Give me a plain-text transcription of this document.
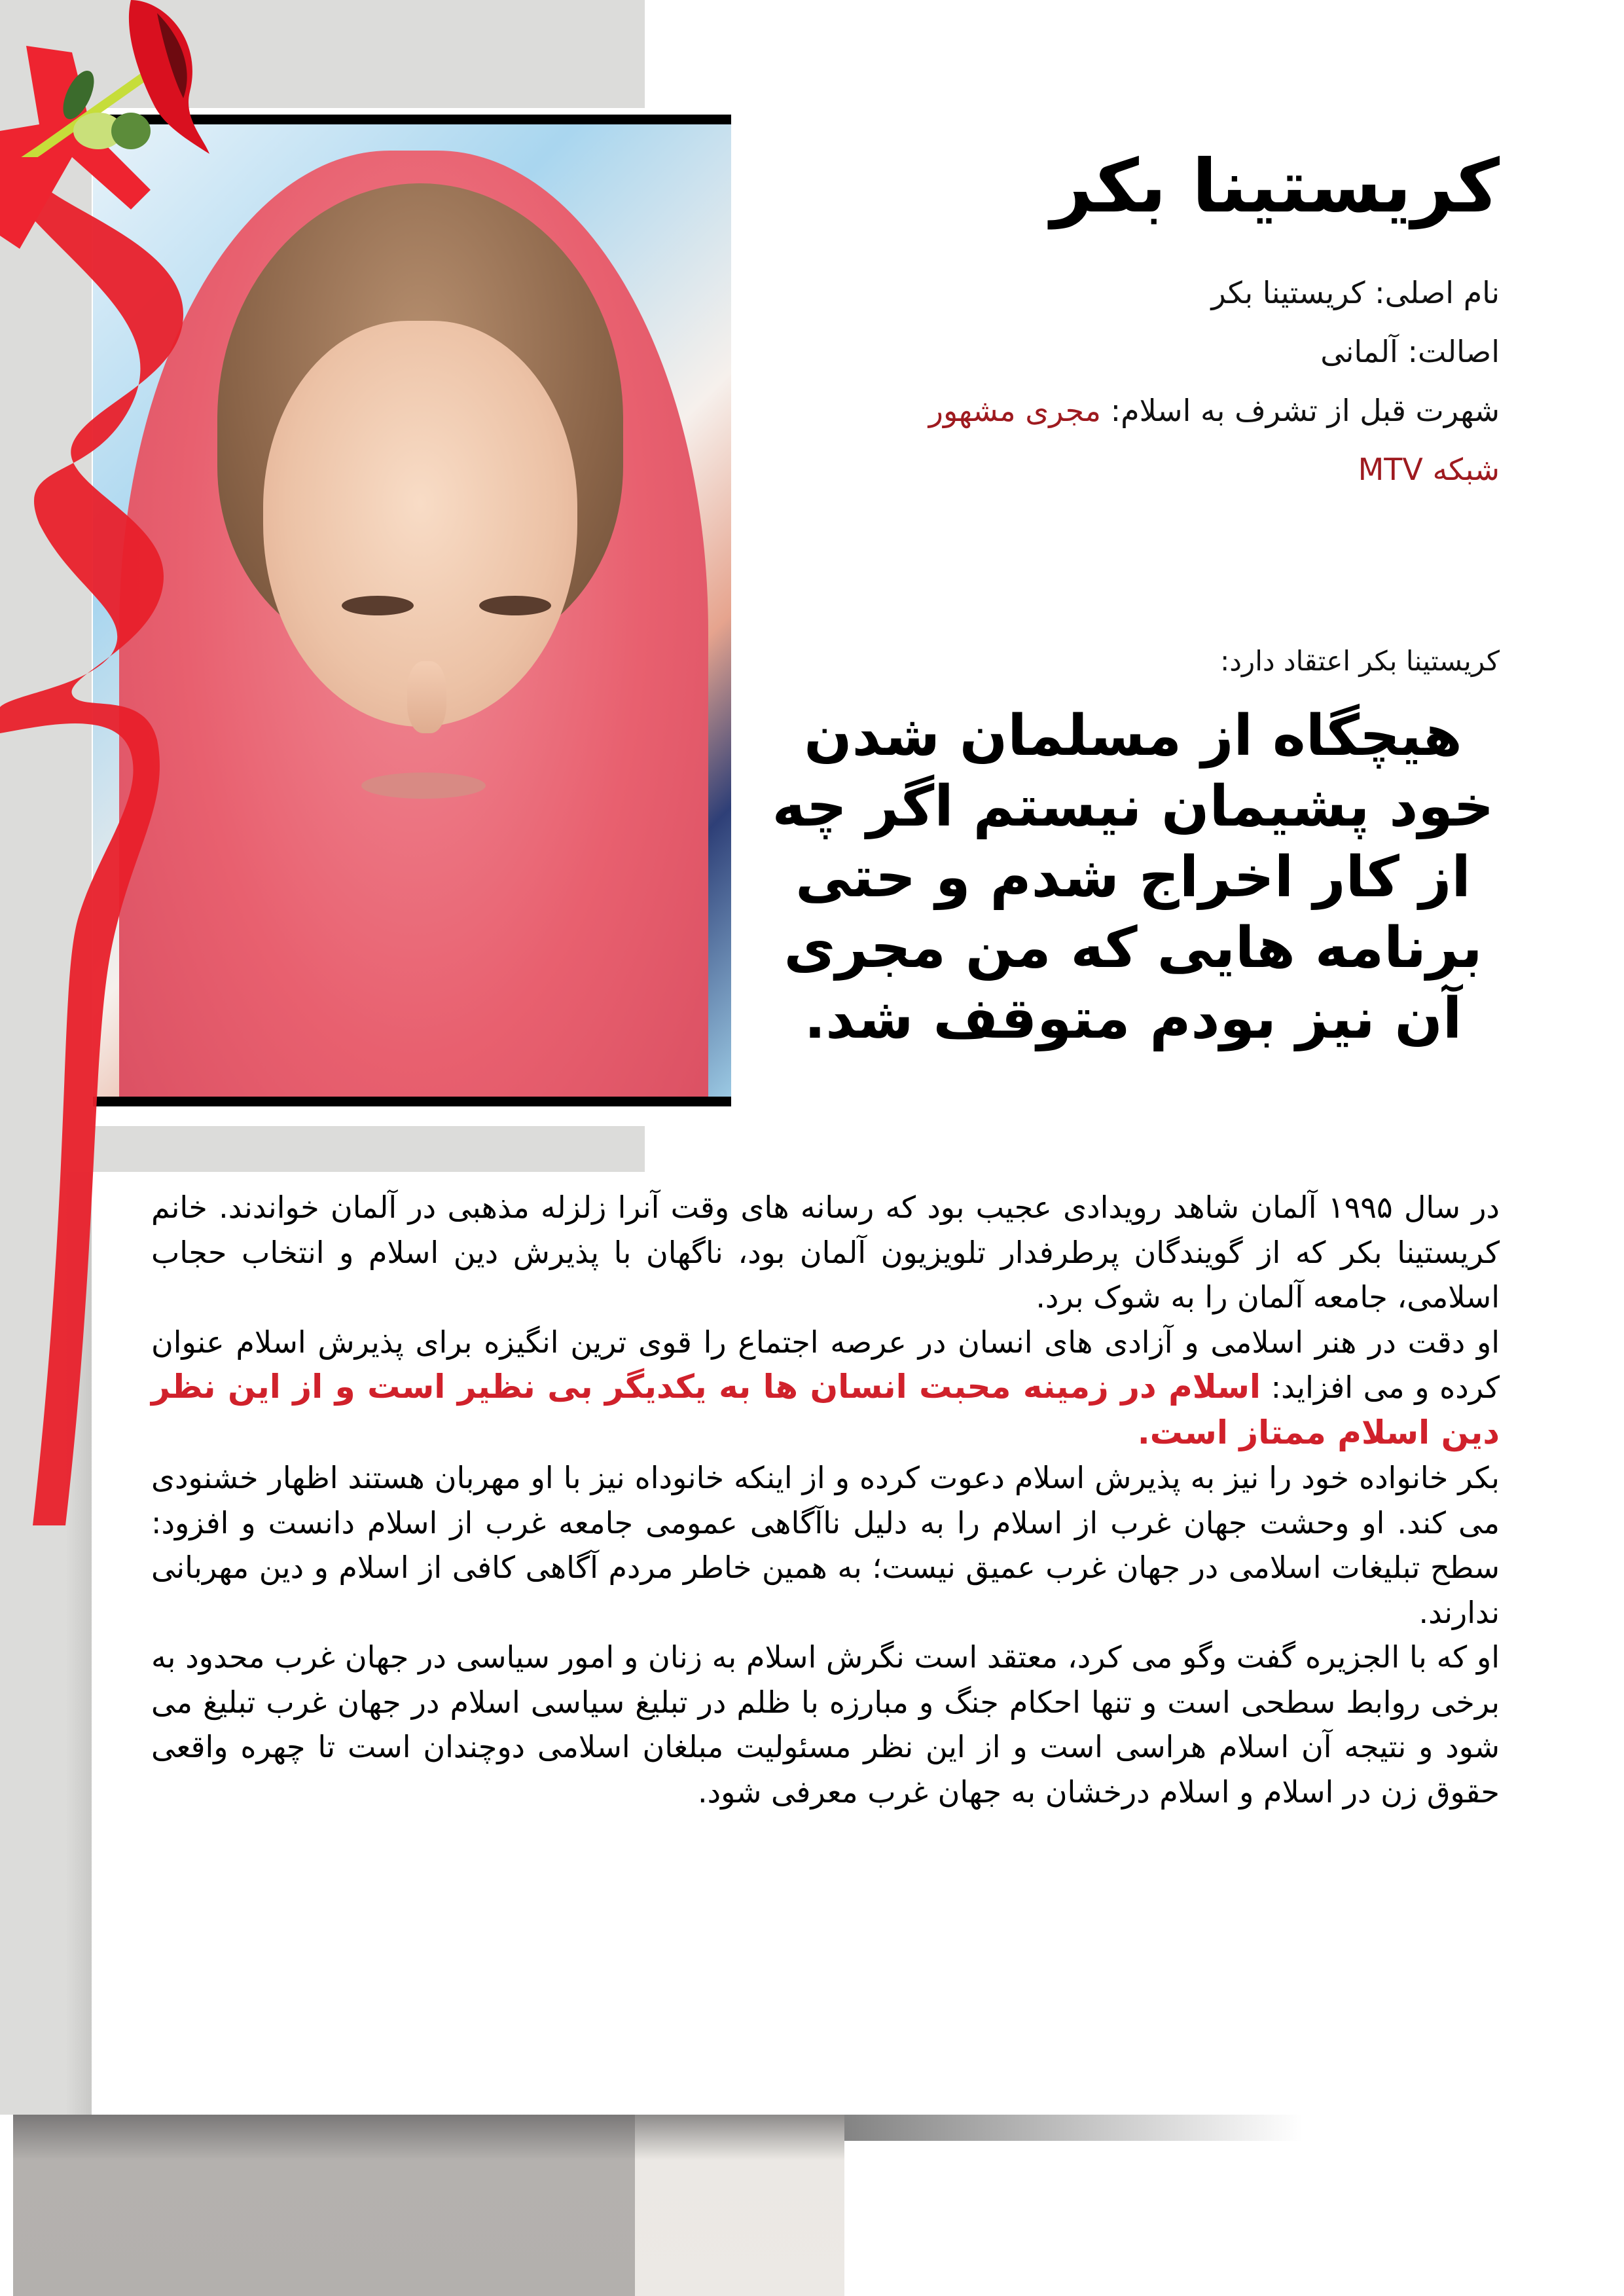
کریستینا بکر
نام اصلی: کریستینا بکر
اصالت: آلمانی
شهرت قبل از تشرف به اسلام: مجری مشهور
شبکه MTV
کریستینا بکر اعتقاد دارد:
هیچگاه از مسلمان شدن خود پشیمان نیستم اگر چه از کار اخراج شدم و حتی برنامه هایی که من مجری آن نیز بودم متوقف شد.

در سال ۱۹۹۵ آلمان شاهد رویدادی عجیب بود که رسانه های وقت آنرا زلزله مذهبی در آلمان خواندند. خانم کریستینا بکر که از گویندگان پرطرفدار تلویزیون آلمان بود، ناگهان با پذیرش دین اسلام و انتخاب حجاب اسلامی، جامعه آلمان را به شوک برد.

او دقت در هنر اسلامی و آزادی های انسان در عرصه اجتماع را قوی ترین انگیزه برای پذیرش اسلام عنوان کرده و می افزاید: اسلام در زمینه محبت انسان ها به یکدیگر بی نظیر است و از این نظر دین اسلام ممتاز است.

بکر خانواده خود را نیز به پذیرش اسلام دعوت کرده و از اینکه خانوداه نیز با او مهربان هستند اظهار خشنودی می کند. او وحشت جهان غرب از اسلام را به دلیل ناآگاهی عمومی جامعه غرب از اسلام دانست و افزود: سطح تبلیغات اسلامی در جهان غرب عمیق نیست؛ به همین خاطر مردم آگاهی کافی از اسلام و دین مهربانی ندارند.

او که با الجزیره گفت وگو می کرد، معتقد است نگرش اسلام به زنان و امور سیاسی در جهان غرب محدود به برخی روابط سطحی است و تنها احکام جنگ و مبارزه با ظلم در تبلیغ سیاسی اسلام در جهان غرب تبلیغ می شود و نتیجه آن اسلام هراسی است و از این نظر مسئولیت مبلغان اسلامی دوچندان است تا چهره واقعی حقوق زن در اسلام و اسلام درخشان به جهان غرب معرفی شود.
